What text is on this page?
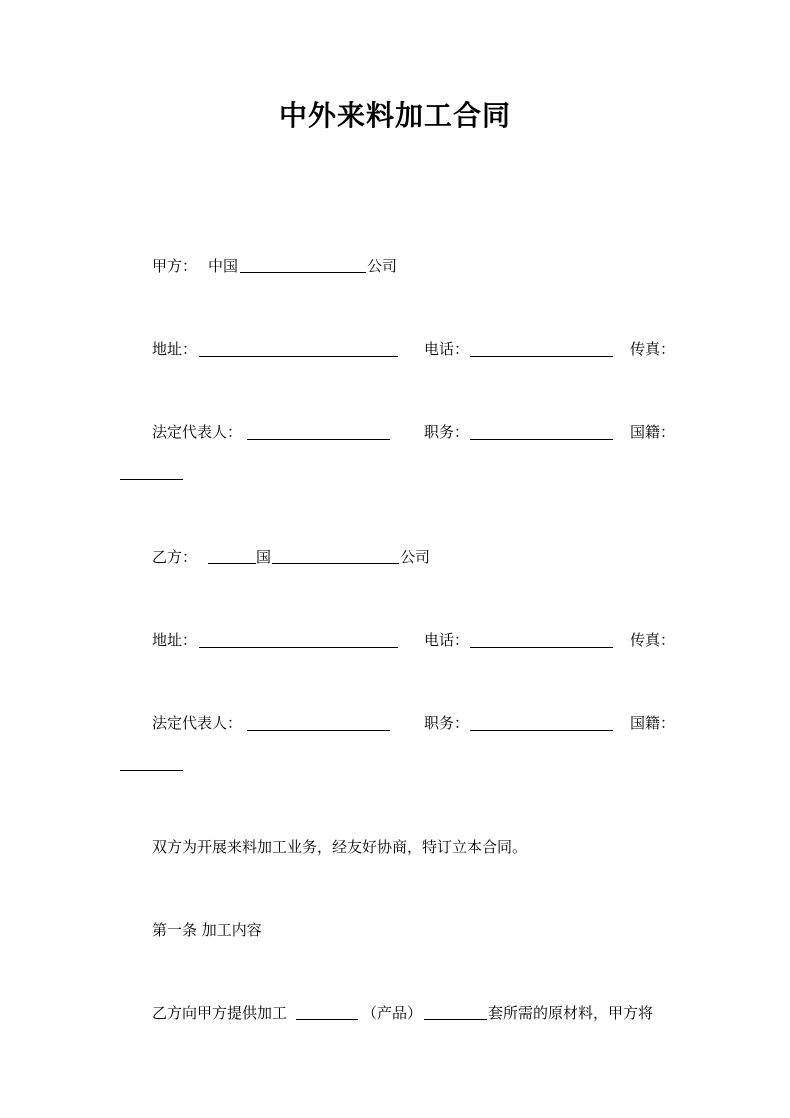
中外来料加工合同
甲方： 中国	公司
地址：	电话：	传真：
法定代表人：	职务：	国籍：
乙方：	国	公司
地址：	电话：	传真：
法定代表人：	职务：	国籍：
双方为开展来料加工业务，经友好协商，特订立本合同。
第一条 加工内容
乙方向甲方提供加工	（产品）	套所需的原材料，甲方将
